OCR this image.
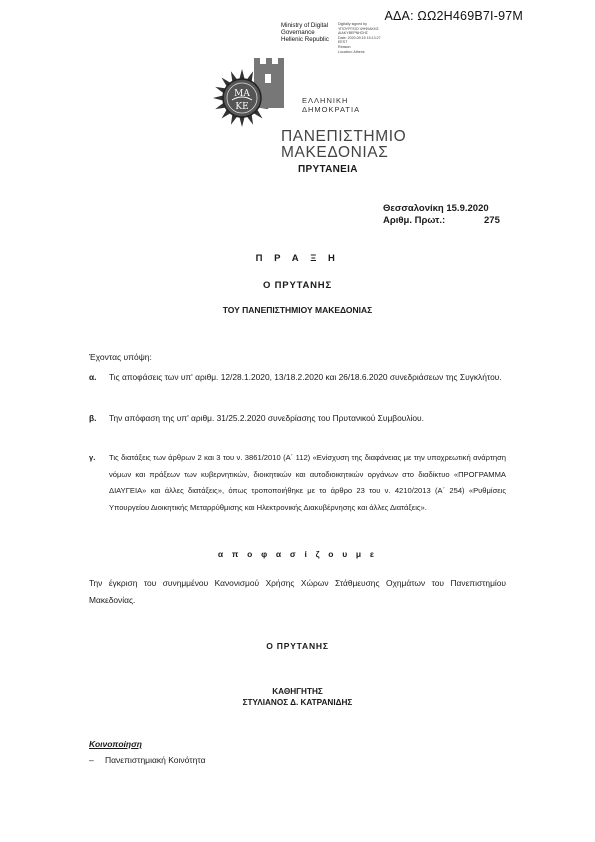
ΑΔΑ: ΩΩ2Η469Β7Ι-97Μ
Ministry of Digital
Governance
Hellenic Republic
Digitally signed by
ΥΠΟΥΡΓΕΙΟ ΨΗΦΙΑΚΗΣ
ΔΙΑΚΥΒΕΡΝΗΣΗΣ
Date: 2020.09.15 15:13:27
EEST
Reason:
Location: Athens
ΜΑ
ΚΕ
ΕΛΛΗΝΙΚΗ
ΔΗΜΟΚΡΑΤΙΑ
ΠΑΝΕΠΙΣΤΗΜΙΟ
ΜΑΚΕΔΟΝΙΑΣ
ΠΡΥΤΑΝΕΙΑ
Θεσσαλονίκη 15.9.2020
Αριθμ. Πρωτ.:	275
Π Ρ Α Ξ Η
Ο ΠΡΥΤΑΝΗΣ
ΤΟΥ ΠΑΝΕΠΙΣΤΗΜΙΟΥ ΜΑΚΕΔΟΝΙΑΣ
Έχοντας υπόψη:
α. Τις αποφάσεις των υπ' αριθμ. 12/28.1.2020, 13/18.2.2020 και 26/18.6.2020 συνεδριάσεων της Συγκλήτου.
β. Την απόφαση της υπ' αριθμ. 31/25.2.2020 συνεδρίασης του Πρυτανικού Συμβουλίου.
γ. Τις διατάξεις των άρθρων 2 και 3 του ν. 3861/2010 (Α΄ 112) «Ενίσχυση της διαφάνειας με την υποχρεωτική ανάρτηση νόμων και πράξεων των κυβερνητικών, διοικητικών και αυτοδιοικητικών οργάνων στο διαδίκτυο «ΠΡΟΓΡΑΜΜΑ ΔΙΑΥΓΕΙΑ» και άλλες διατάξεις», όπως τροποποιήθηκε με το άρθρο 23 του ν. 4210/2013 (Α΄ 254) «Ρυθμίσεις Υπουργείου Διοικητικής Μεταρρύθμισης και Ηλεκτρονικής Διακυβέρνησης και άλλες Διατάξεις».
α π ο φ α σ ί ζ ο υ μ ε
Την έγκριση του συνημμένου Κανονισμού Χρήσης Χώρων Στάθμευσης Οχημάτων του Πανεπιστημίου Μακεδονίας.
Ο ΠΡΥΤΑΝΗΣ
ΚΑΘΗΓΗΤΗΣ
ΣΤΥΛΙΑΝΟΣ Δ. ΚΑΤΡΑΝΙΔΗΣ
Κοινοποίηση
– Πανεπιστημιακή Κοινότητα
